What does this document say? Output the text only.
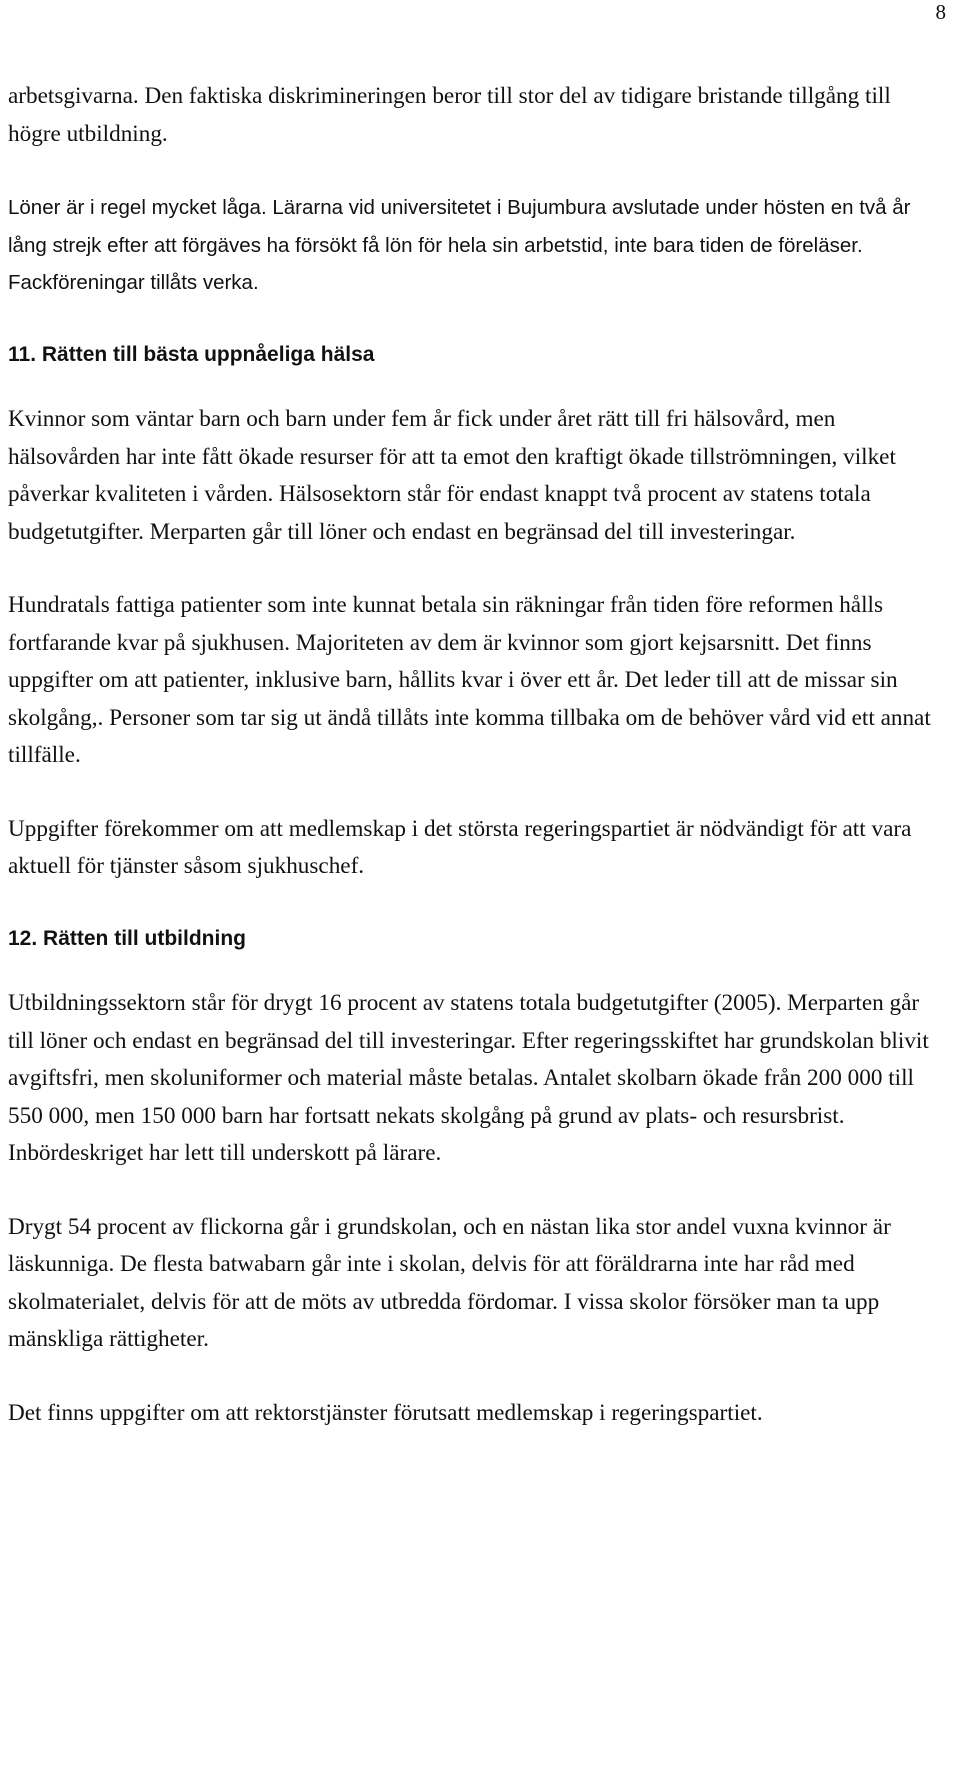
8

arbetsgivarna. Den faktiska diskrimineringen beror till stor del av tidigare bristande tillgång till högre utbildning.

Löner är i regel mycket låga. Lärarna vid universitetet i Bujumbura avslutade under hösten en två år lång strejk efter att förgäves ha försökt få lön för hela sin arbetstid, inte bara tiden de föreläser. Fackföreningar tillåts verka.

11. Rätten till bästa uppnåeliga hälsa

Kvinnor som väntar barn och barn under fem år fick under året rätt till fri hälsovård, men hälsovården har inte fått ökade resurser för att ta emot den kraftigt ökade tillströmningen, vilket påverkar kvaliteten i vården. Hälsosektorn står för endast knappt två procent av statens totala budgetutgifter. Merparten går till löner och endast en begränsad del till investeringar.

Hundratals fattiga patienter som inte kunnat betala sin räkningar från tiden före reformen hålls fortfarande kvar på sjukhusen. Majoriteten av dem är kvinnor som gjort kejsarsnitt. Det finns uppgifter om att patienter, inklusive barn, hållits kvar i över ett år. Det leder till att de missar sin skolgång,. Personer som tar sig ut ändå tillåts inte komma tillbaka om de behöver vård vid ett annat tillfälle.

Uppgifter förekommer om att medlemskap i det största regeringspartiet är nödvändigt för att vara aktuell för tjänster såsom sjukhuschef.

12. Rätten till utbildning

Utbildningssektorn står för drygt 16 procent av statens totala budgetutgifter (2005). Merparten går till löner och endast en begränsad del till investeringar. Efter regeringsskiftet har grundskolan blivit avgiftsfri, men skoluniformer och material måste betalas. Antalet skolbarn ökade från 200 000 till 550 000, men 150 000 barn har fortsatt nekats skolgång på grund av plats- och resursbrist. Inbördeskriget har lett till underskott på lärare.

Drygt 54 procent av flickorna går i grundskolan, och en nästan lika stor andel vuxna kvinnor är läskunniga. De flesta batwabarn går inte i skolan, delvis för att föräldrarna inte har råd med skolmaterialet, delvis för att de möts av utbredda fördomar. I vissa skolor försöker man ta upp mänskliga rättigheter.

Det finns uppgifter om att rektorstjänster förutsatt medlemskap i regeringspartiet.
